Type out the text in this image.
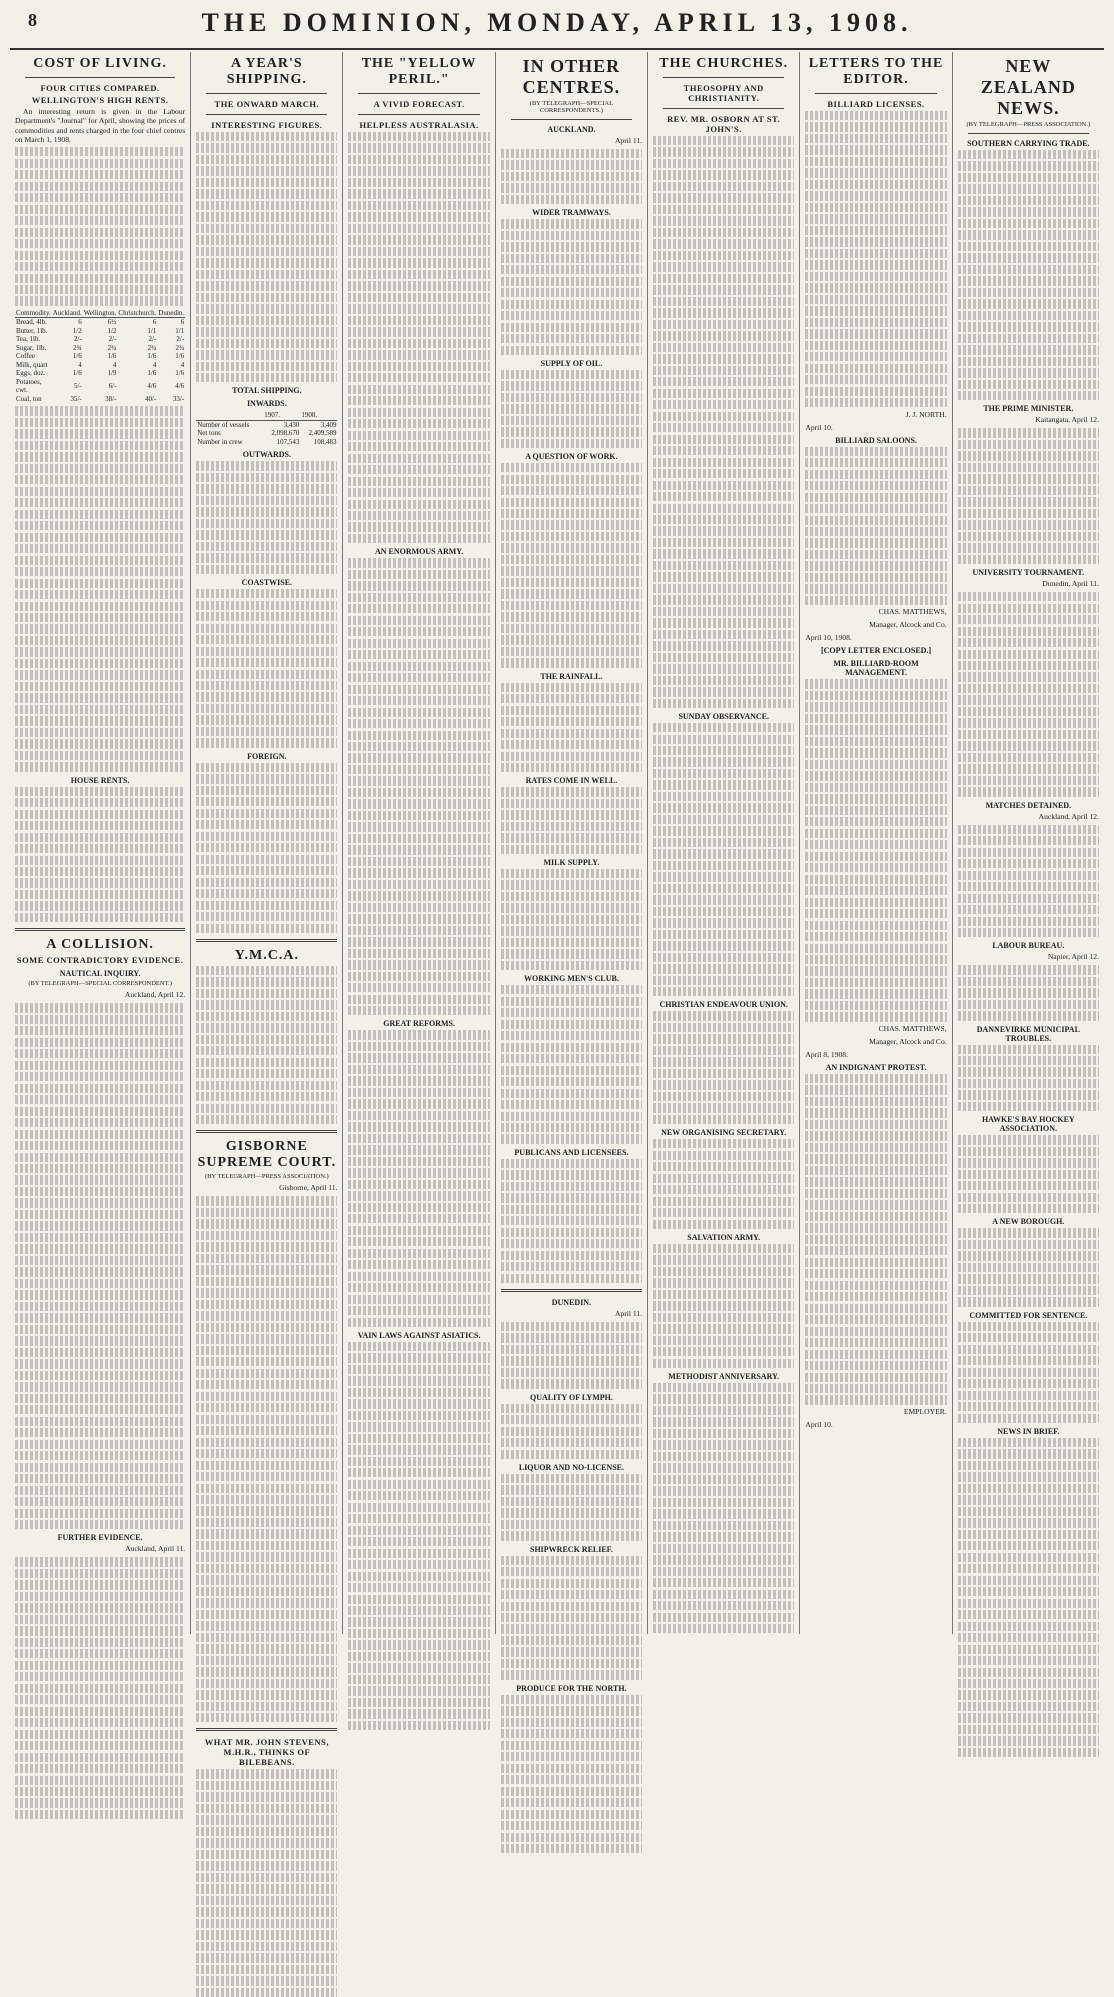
8	THE DOMINION, MONDAY, APRIL 13, 1908.
COST OF LIVING.
FOUR CITIES COMPARED.
WELLINGTON'S HIGH RENTS.

An interesting return is given in the Labour Department's "Journal" for April, showing the prices of commodities and rents charged in the four chief centres on March 1, 1908.

Commodity.	Auckland.	Wellington.	Christchurch.	Dunedin.
Bread, 4lb.	6	6½	6	6
Butter, 1lb.	1/2	1/2	1/1	1/1
Tea, 1lb.	2/-	2/-	2/-	2/-
Sugar, 1lb.	2¾	2¾	2¾	2¾
Coffee	1/6	1/6	1/6	1/6
Milk, quart	4	4	4	4
Eggs, doz.	1/6	1/9	1/6	1/6
Potatoes, cwt.	5/-	6/-	4/6	4/6
Coal, ton	35/-	38/-	40/-	33/-
HOUSE RENTS.
A COLLISION.
SOME CONTRADICTORY EVIDENCE.
NAUTICAL INQUIRY.
(BY TELEGRAPH—SPECIAL CORRESPONDENT.)
Auckland, April 12.
FURTHER EVIDENCE.
Auckland, April 11.
A YEAR'S SHIPPING.
THE ONWARD MARCH.
INTERESTING FIGURES.
TOTAL SHIPPING.
INWARDS.
	1907.	1908.
Number of vessels	3,430	3,409
Net tons	2,098,670	2,409,589
Number in crew	107,543	108,483
OUTWARDS.
COASTWISE.
FOREIGN.
Y.M.C.A.
GISBORNE SUPREME COURT.
(BY TELEGRAPH—PRESS ASSOCIATION.)
Gisborne, April 11.
WHAT MR. JOHN STEVENS, M.H.R., THINKS OF BILEBEANS.
THE "YELLOW PERIL."
A VIVID FORECAST.
HELPLESS AUSTRALASIA.
AN ENORMOUS ARMY.
GREAT REFORMS.
VAIN LAWS AGAINST ASIATICS.
IN OTHER CENTRES.
(BY TELEGRAPH—SPECIAL CORRESPONDENTS.)
AUCKLAND.
April 11.
WIDER TRAMWAYS.
SUPPLY OF OIL.
A QUESTION OF WORK.
THE RAINFALL.
RATES COME IN WELL.
MILK SUPPLY.
WORKING MEN'S CLUB.
PUBLICANS AND LICENSEES.
DUNEDIN.
April 11.
QUALITY OF LYMPH.
LIQUOR AND NO-LICENSE.
SHIPWRECK RELIEF.
PRODUCE FOR THE NORTH.
THE CHURCHES.
THEOSOPHY AND CHRISTIANITY.
REV. MR. OSBORN AT ST. JOHN'S.
SUNDAY OBSERVANCE.
CHRISTIAN ENDEAVOUR UNION.
NEW ORGANISING SECRETARY.
SALVATION ARMY.
METHODIST ANNIVERSARY.
LETTERS TO THE EDITOR.
BILLIARD LICENSES.
J. J. NORTH.
April 10.
BILLIARD SALOONS.
CHAS. MATTHEWS,
Manager, Alcock and Co.
April 10, 1908.
[COPY LETTER ENCLOSED.]
MR. BILLIARD-ROOM MANAGEMENT.
CHAS. MATTHEWS,
Manager, Alcock and Co.
April 8, 1908.
AN INDIGNANT PROTEST.
EMPLOYER.
April 10.
NEW ZEALAND NEWS.
(BY TELEGRAPH—PRESS ASSOCIATION.)
SOUTHERN CARRYING TRADE.
THE PRIME MINISTER.
Kaitangata, April 12.
UNIVERSITY TOURNAMENT.
Dunedin, April 11.
MATCHES DETAINED.
Auckland, April 12.
LABOUR BUREAU.
Napier, April 12.
DANNEVIRKE MUNICIPAL TROUBLES.
HAWKE'S BAY HOCKEY ASSOCIATION.
A NEW BOROUGH.
COMMITTED FOR SENTENCE.
NEWS IN BRIEF.
